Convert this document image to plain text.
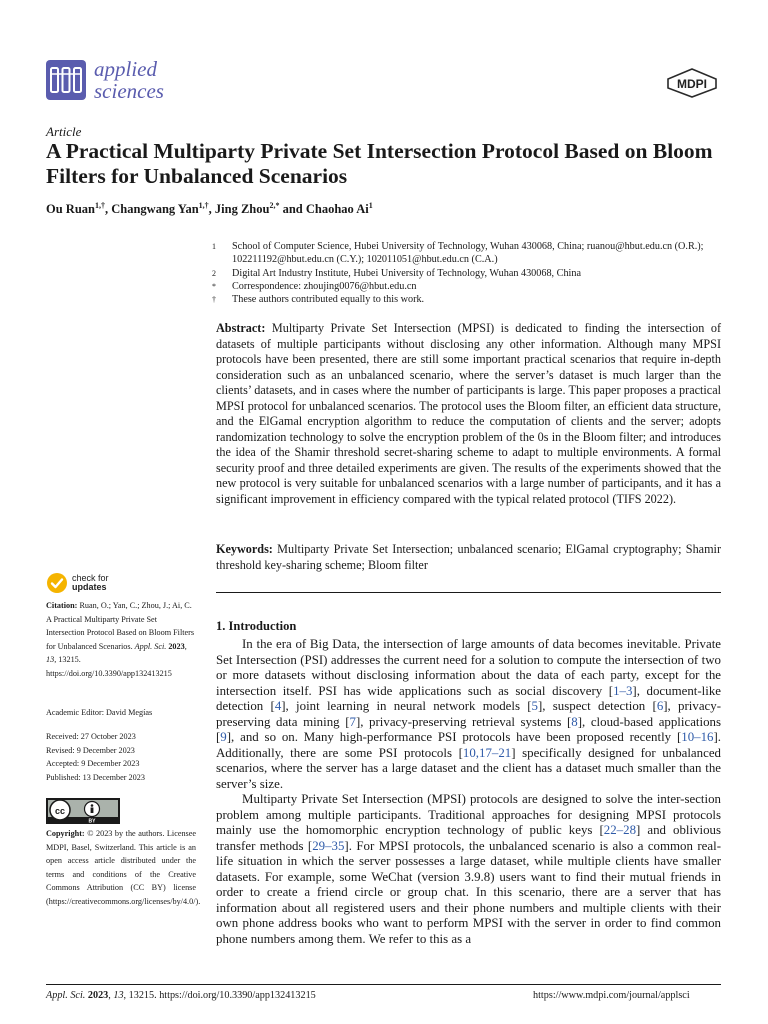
applied
sciences	MDPI
Article
A Practical Multiparty Private Set Intersection Protocol Based on Bloom Filters for Unbalanced Scenarios
Ou Ruan$^{1,\dagger}$, Changwang Yan$^{1,\dagger}$, Jing Zhou$^{2,*}$ and Chaohao Ai$^1$
1	School of Computer Science, Hubei University of Technology, Wuhan 430068, China; ruanou@hbut.edu.cn (O.R.); 102211192@hbut.edu.cn (C.Y.); 102011051@hbut.edu.cn (C.A.)
2	Digital Art Industry Institute, Hubei University of Technology, Wuhan 430068, China
*	Correspondence: zhoujing0076@hbut.edu.cn
†	These authors contributed equally to this work.
Abstract: Multiparty Private Set Intersection (MPSI) is dedicated to finding the intersection of datasets of multiple participants without disclosing any other information. Although many MPSI protocols have been presented, there are still some important practical scenarios that require in-depth consideration such as an unbalanced scenario, where the server’s dataset is much larger than the clients’ datasets, and in cases where the number of participants is large. This paper proposes a practical MPSI protocol for unbalanced scenarios. The protocol uses the Bloom filter, an efficient data structure, and the ElGamal encryption algorithm to reduce the computation of clients and the server; adopts randomization technology to solve the encryption problem of the 0s in the Bloom filter; and introduces the idea of the Shamir threshold secret-sharing scheme to adapt to multiple environments. A formal security proof and three detailed experiments are given. The results of the experiments showed that the new protocol is very suitable for unbalanced scenarios with a large number of participants, and it has a significant improvement in efficiency compared with the typical related protocol (TIFS 2022).
Keywords: Multiparty Private Set Intersection; unbalanced scenario; ElGamal cryptography; Shamir threshold key-sharing scheme; Bloom filter
1. Introduction

In the era of Big Data, the intersection of large amounts of data becomes inevitable. Private Set Intersection (PSI) addresses the current need for a solution to compute the intersection of two or more datasets without disclosing information about the data of each party, except for the intersection itself. PSI has wide applications such as social discovery [1–3], document-like detection [4], joint learning in neural network models [5], suspect detection [6], privacy-preserving data mining [7], privacy-preserving retrieval systems [8], cloud-based applications [9], and so on. Many high-performance PSI protocols have been proposed recently [10–16]. Additionally, there are some PSI protocols [10,17–21] specifically designed for unbalanced scenarios, where the server has a large dataset and the client has a dataset much smaller than the server’s size.

Multiparty Private Set Intersection (MPSI) protocols are designed to solve the inter-section problem among multiple participants. Traditional approaches for designing MPSI protocols mainly use the homomorphic encryption technology of public keys [22–28] and oblivious transfer methods [29–35]. For MPSI protocols, the unbalanced scenario is also a common real-life situation in which the server possesses a large dataset, while multiple clients have smaller datasets. For example, some WeChat (version 3.9.8) users want to find their mutual friends in order to create a friend circle or group chat. In this scenario, there are a server that has information about all registered users and their phone numbers and multiple clients with their own phone address books who want to perform MPSI with the server in order to find common phone numbers among them. We refer to this as a

check for
updates
Citation: Ruan, O.; Yan, C.; Zhou, J.; Ai, C. A Practical Multiparty Private Set Intersection Protocol Based on Bloom Filters for Unbalanced Scenarios. Appl. Sci. 2023, 13, 13215. https://doi.org/10.3390/app132413215
Academic Editor: David Megías
Received: 27 October 2023
Revised: 9 December 2023
Accepted: 9 December 2023
Published: 13 December 2023
cc
BY
Copyright: © 2023 by the authors. Licensee MDPI, Basel, Switzerland. This article is an open access article distributed under the terms and conditions of the Creative Commons Attribution (CC BY) license (https://creativecommons.org/licenses/by/4.0/).
Appl. Sci. 2023, 13, 13215. https://doi.org/10.3390/app132413215	https://www.mdpi.com/journal/applsci
